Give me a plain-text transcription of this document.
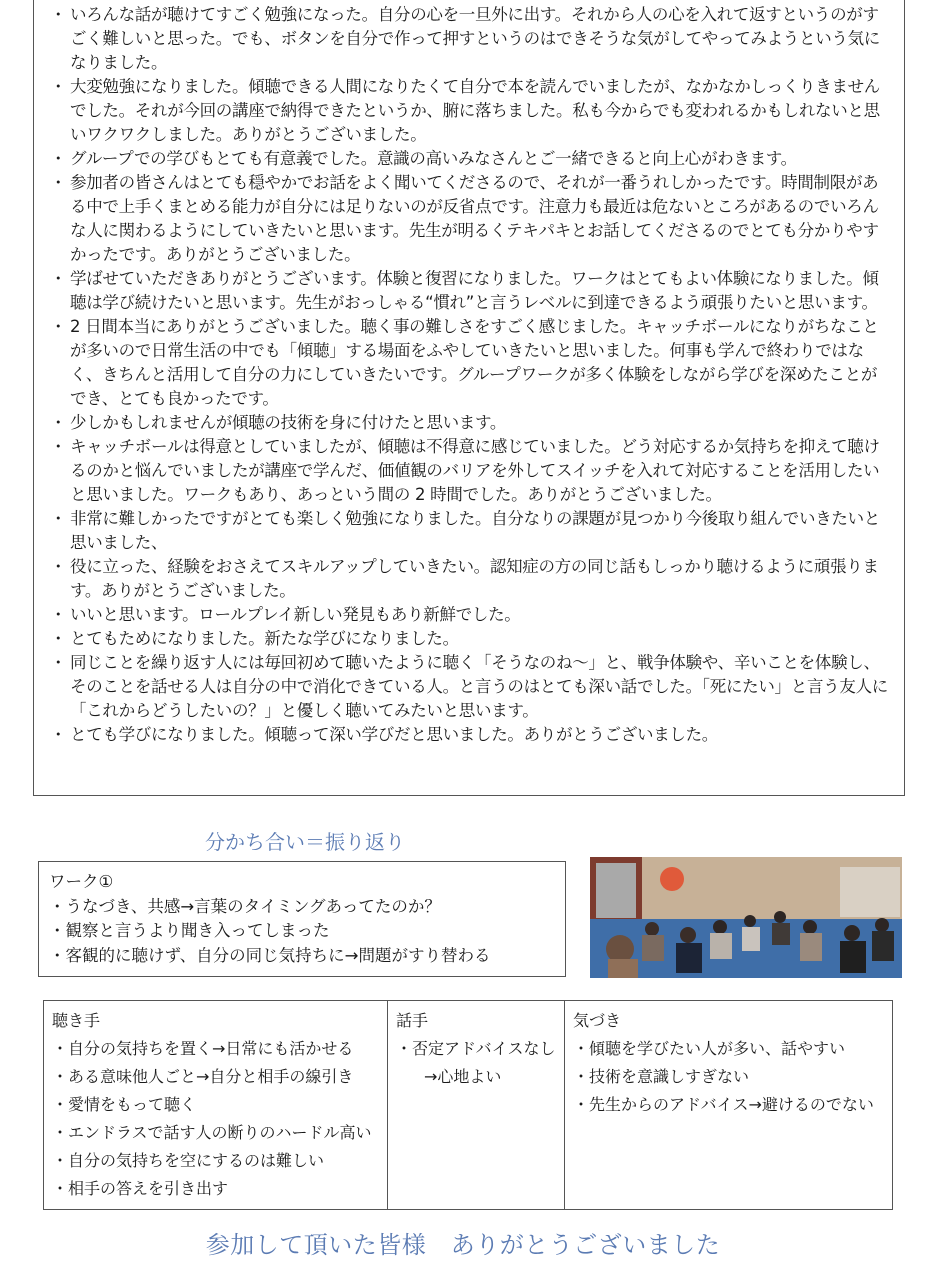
・ いろんな話が聴けてすごく勉強になった。自分の心を一旦外に出す。それから人の心を入れて返すというのがすごく難しいと思った。でも、ボタンを自分で作って押すというのはできそうな気がしてやってみようという気になりました。
・ 大変勉強になりました。傾聴できる人間になりたくて自分で本を読んでいましたが、なかなかしっくりきませんでした。それが今回の講座で納得できたというか、腑に落ちました。私も今からでも変われるかもしれないと思いワクワクしました。ありがとうございました。
・ グループでの学びもとても有意義でした。意識の高いみなさんとご一緒できると向上心がわきます。
・ 参加者の皆さんはとても穏やかでお話をよく聞いてくださるので、それが一番うれしかったです。時間制限がある中で上手くまとめる能力が自分には足りないのが反省点です。注意力も最近は危ないところがあるのでいろんな人に関わるようにしていきたいと思います。先生が明るくテキパキとお話してくださるのでとても分かりやすかったです。ありがとうございました。
・ 学ばせていただきありがとうございます。体験と復習になりました。ワークはとてもよい体験になりました。傾聴は学び続けたいと思います。先生がおっしゃる“慣れ”と言うレベルに到達できるよう頑張りたいと思います。
・ 2 日間本当にありがとうございました。聴く事の難しさをすごく感じました。キャッチボールになりがちなことが多いので日常生活の中でも「傾聴」する場面をふやしていきたいと思いました。何事も学んで終わりではなく、きちんと活用して自分の力にしていきたいです。グループワークが多く体験をしながら学びを深めたことができ、とても良かったです。
・ 少しかもしれませんが傾聴の技術を身に付けたと思います。
・ キャッチボールは得意としていましたが、傾聴は不得意に感じていました。どう対応するか気持ちを抑えて聴けるのかと悩んでいましたが講座で学んだ、価値観のバリアを外してスイッチを入れて対応することを活用したいと思いました。ワークもあり、あっという間の 2 時間でした。ありがとうございました。
・ 非常に難しかったですがとても楽しく勉強になりました。自分なりの課題が見つかり今後取り組んでいきたいと思いました、
・ 役に立った、経験をおさえてスキルアップしていきたい。認知症の方の同じ話もしっかり聴けるように頑張ります。ありがとうございました。
・ いいと思います。ロールプレイ新しい発見もあり新鮮でした。
・ とてもためになりました。新たな学びになりました。
・ 同じことを繰り返す人には毎回初めて聴いたように聴く「そうなのね～」と、戦争体験や、辛いことを体験し、そのことを話せる人は自分の中で消化できている人。と言うのはとても深い話でした。「死にたい」と言う友人に「これからどうしたいの？」と優しく聴いてみたいと思います。
・ とても学びになりました。傾聴って深い学びだと思いました。ありがとうございました。
分かち合い＝振り返り
ワーク①
・うなづき、共感→言葉のタイミングあってたのか？
・観察と言うより聞き入ってしまった
・客観的に聴けず、自分の同じ気持ちに→問題がすり替わる
聴き手
・自分の気持ちを置く→日常にも活かせる
・ある意味他人ごと→自分と相手の線引き
・愛情をもって聴く
・エンドラスで話す人の断りのハードル高い
・自分の気持ちを空にするのは難しい
・相手の答えを引き出す

話手
・否定アドバイスなし
→心地よい

気づき
・傾聴を学びたい人が多い、話やすい
・技術を意識しすぎない
・先生からのアドバイス→避けるのでない
参加して頂いた皆様　ありがとうございました
